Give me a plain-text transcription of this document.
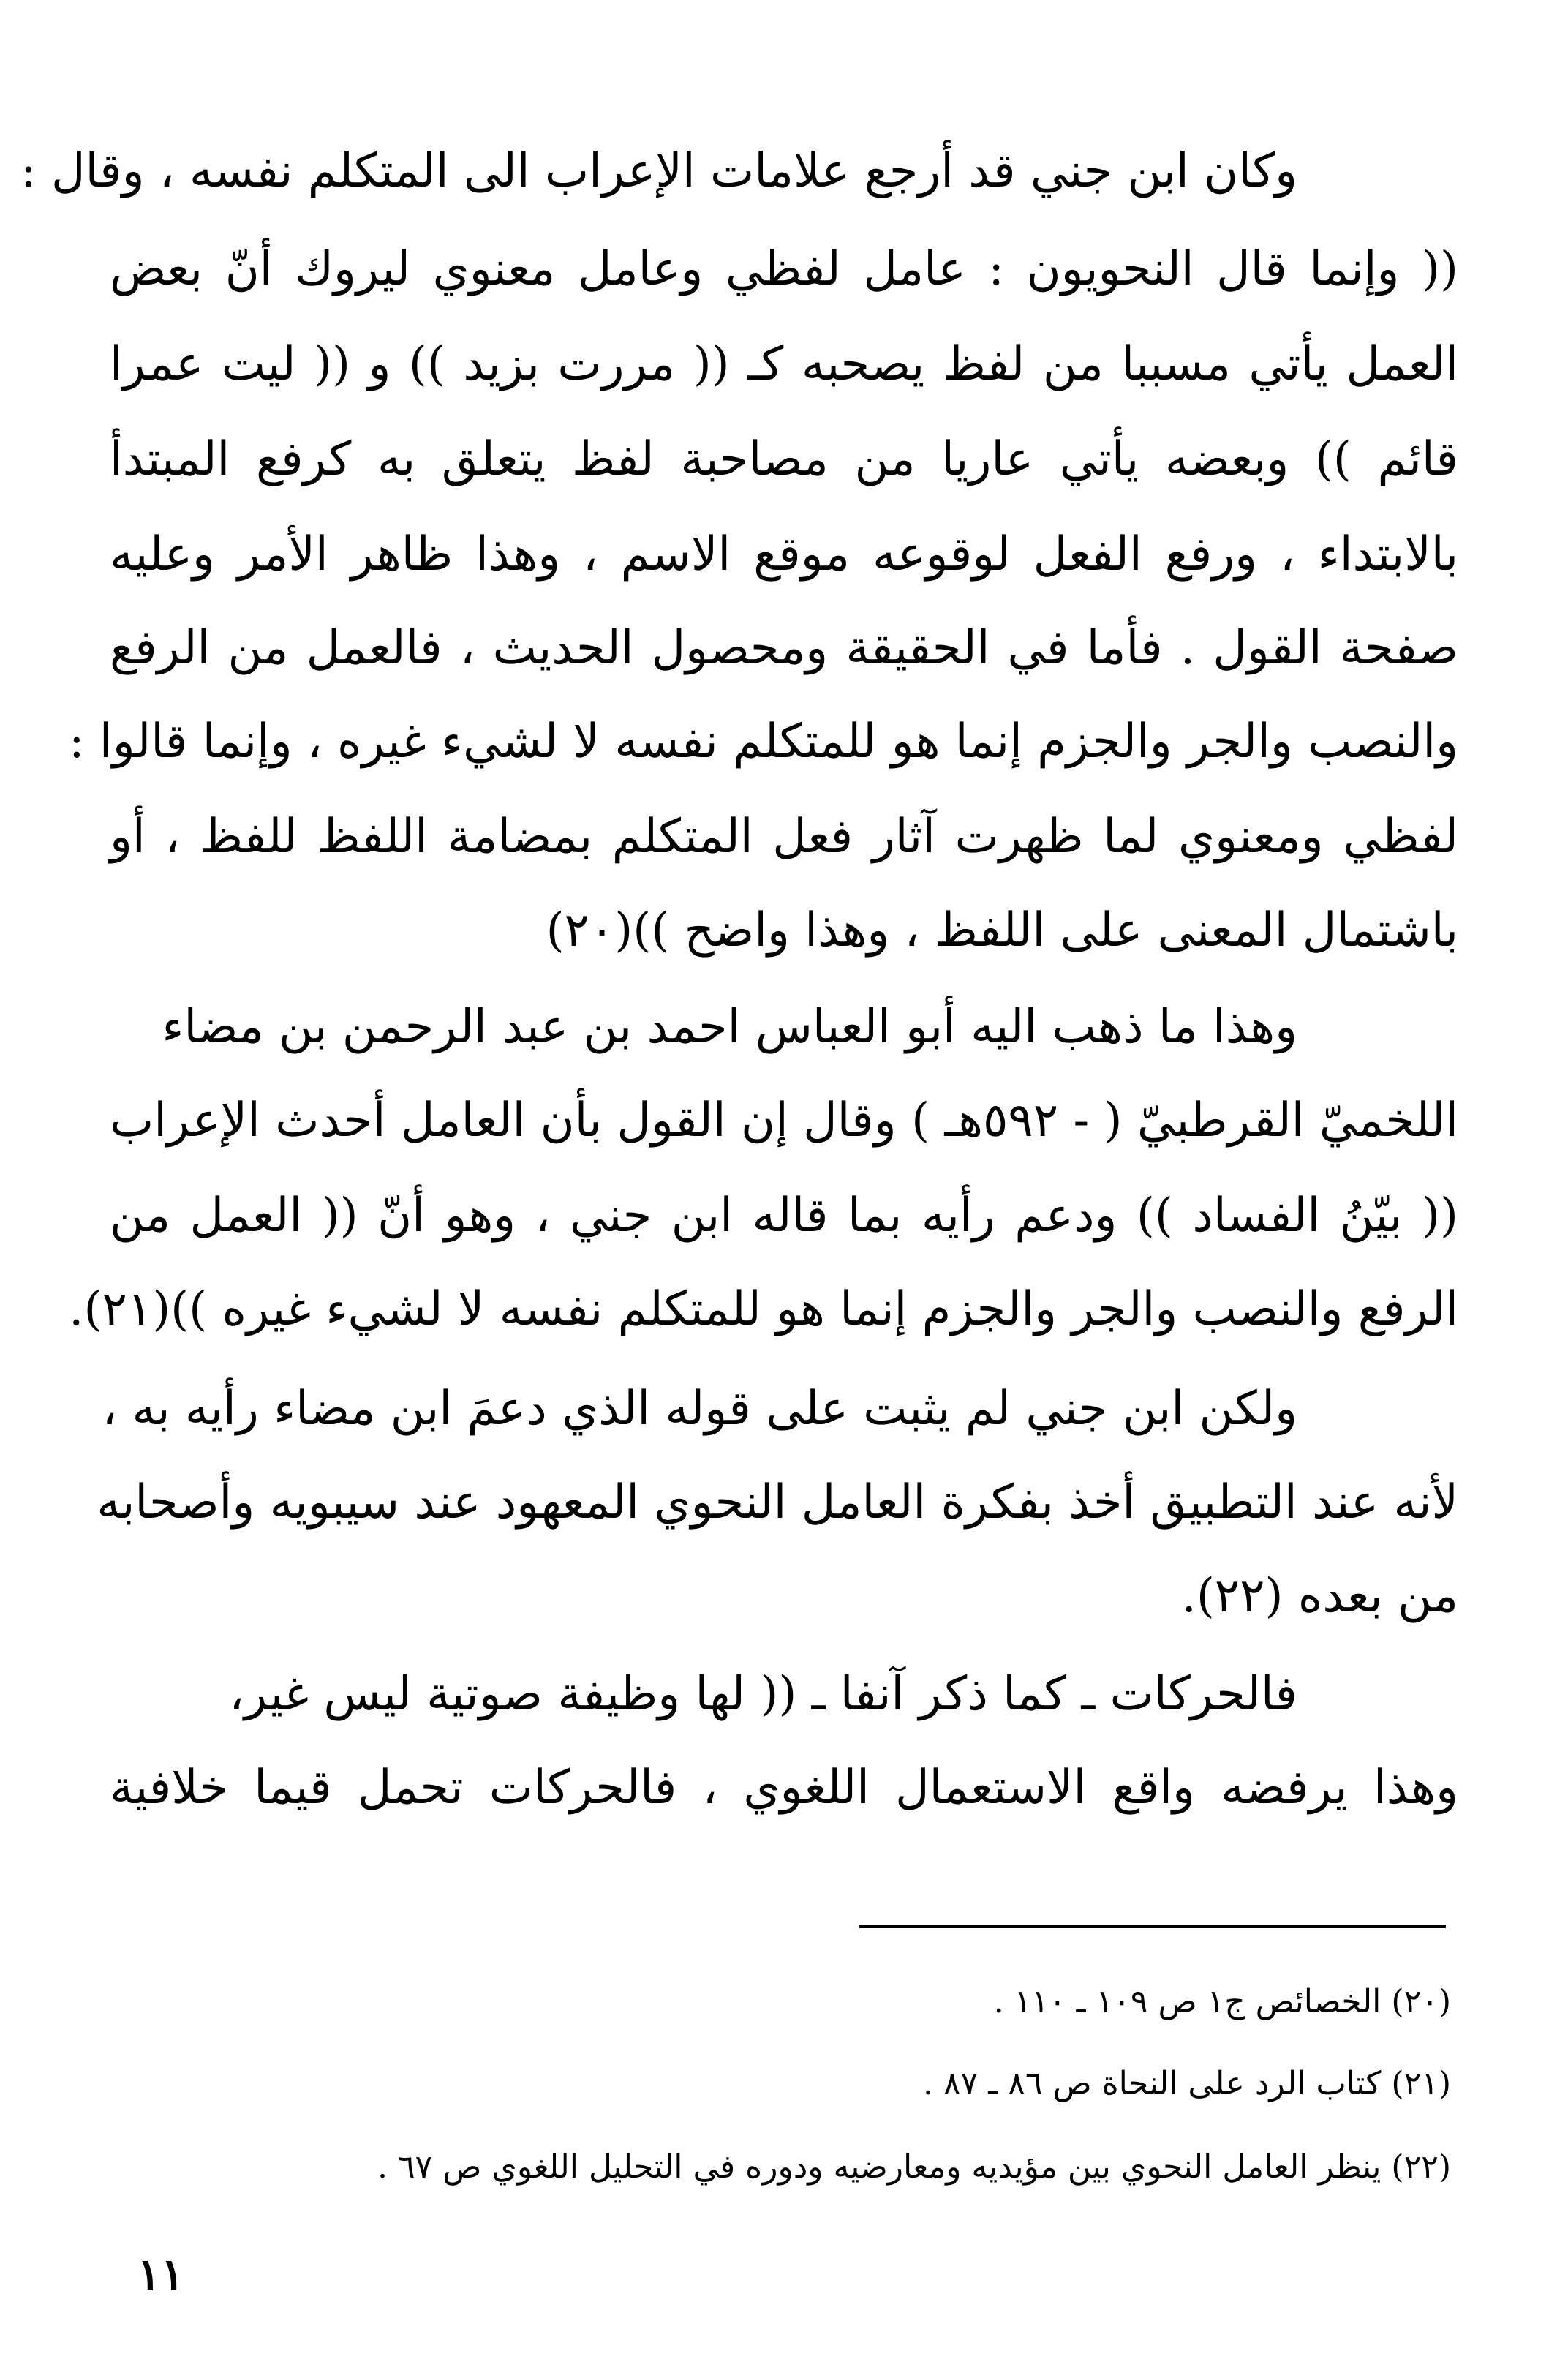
وكان ابن جني قد أرجع علامات الإعراب الى المتكلم نفسه ، وقال :
(( وإنما قال النحويون : عامل لفظي وعامل معنوي ليروك أنّ بعض
العمل يأتي مسببا من لفظ يصحبه كـ (( مررت بزيد )) و (( ليت عمرا
قائم )) وبعضه يأتي عاريا من مصاحبة لفظ يتعلق به كرفع المبتدأ
بالابتداء ، ورفع الفعل لوقوعه موقع الاسم ، وهذا ظاهر الأمر وعليه
صفحة القول . فأما في الحقيقة ومحصول الحديث ، فالعمل من الرفع
والنصب والجر والجزم إنما هو للمتكلم نفسه لا لشيء غيره ، وإنما قالوا :
لفظي ومعنوي لما ظهرت آثار فعل المتكلم بمضامة اللفظ للفظ ، أو
باشتمال المعنى على اللفظ ، وهذا واضح ))(٢٠)
وهذا ما ذهب اليه أبو العباس احمد بن عبد الرحمن بن مضاء
اللخميّ القرطبيّ ( - ٥٩٢هـ ) وقال إن القول بأن العامل أحدث الإعراب
(( بيّنُ الفساد )) ودعم رأيه بما قاله ابن جني ، وهو أنّ (( العمل من
الرفع والنصب والجر والجزم إنما هو للمتكلم نفسه لا لشيء غيره ))(٢١).
ولكن ابن جني لم يثبت على قوله الذي دعمَ ابن مضاء رأيه به ،
لأنه عند التطبيق أخذ بفكرة العامل النحوي المعهود عند سيبويه وأصحابه
من بعده (٢٢).
فالحركات ـ كما ذكر آنفا ـ (( لها وظيفة صوتية ليس غير،
وهذا يرفضه واقع الاستعمال اللغوي ، فالحركات تحمل قيما خلافية
(٢٠) الخصائص ج١ ص ١٠٩ ـ ١١٠ .
(٢١) كتاب الرد على النحاة ص ٨٦ ـ ٨٧ .
(٢٢) ينظر العامل النحوي بين مؤيديه ومعارضيه ودوره في التحليل اللغوي ص ٦٧ .
١١
